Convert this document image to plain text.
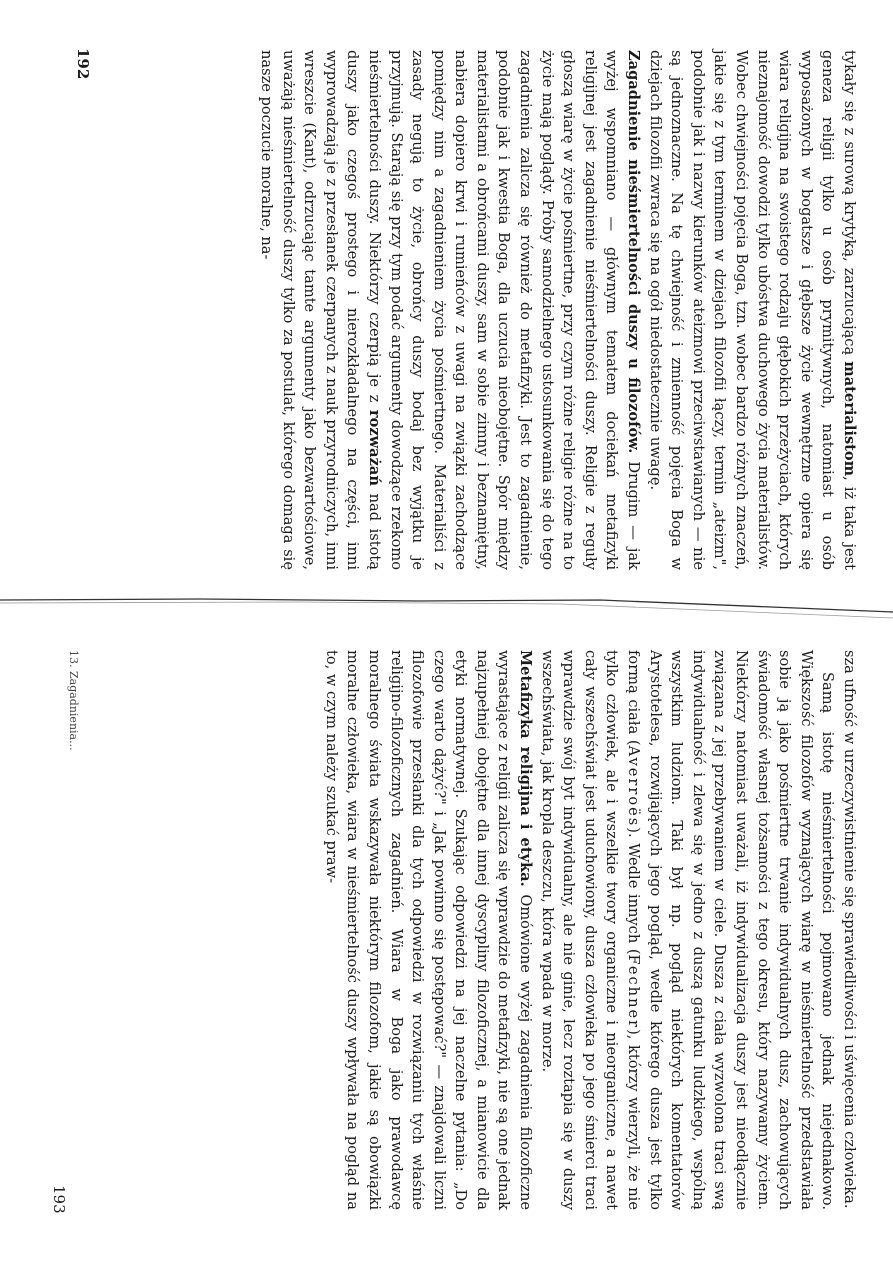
tykały się z surową krytyką, zarzucającą materialistom, iż taka jest geneza religii tylko u osób prymitywnych, natomiast u osób wyposażonych w bogatsze i głębsze życie wewnętrzne opiera się wiara religijna na swoistego rodzaju głębokich przeżyciach, których nieznajomość dowodzi tylko ubóstwa duchowego życia materialistów. Wobec chwiejności pojęcia Boga, tzn. wobec bardzo różnych znaczeń, jakie się z tym terminem w dziejach filozofii łączy, termin „ateizm", podobnie jak i nazwy kierunków ateizmowi przeciwstawianych — nie są jednoznaczne. Na tę chwiejność i zmienność pojęcia Boga w dziejach filozofii zwraca się na ogół niedostatecznie uwagę.

Zagadnienie nieśmiertelności duszy u filozofów. Drugim — jak wyżej wspomniano — głównym tematem dociekań metafizyki religijnej jest zagadnienie nieśmiertelności duszy. Religie z reguły głoszą wiarę w życie pośmiertne, przy czym różne religie różne na to życie mają poglądy. Próby samodzielnego ustosunkowania się do tego zagadnienia zalicza się również do metafizyki. Jest to zagadnienie, podobnie jak i kwestia Boga, dla uczucia nieobojętne. Spór między materialistami a obrońcami duszy, sam w sobie zimny i beznamiętny, nabiera dopiero krwi i rumieńców z uwagi na związki zachodzące pomiędzy nim a zagadnieniem życia pośmiertnego. Materialiści z zasady negują to życie, obrońcy duszy bodaj bez wyjątku je przyjmują. Starają się przy tym podać argumenty dowodzące rzekomo nieśmiertelności duszy. Niektórzy czerpią je z rozważań nad istotą duszy jako czegoś prostego i nierozkładalnego na części, inni wyprowadzają je z przesłanek czerpanych z nauk przyrodniczych, inni wreszcie (Kant), odrzucając tamte argumenty jako bezwartościowe, uważają nieśmiertelność duszy tylko za postulat, którego domaga się nasze poczucie moralne, na-

192

sza ufność w urzeczywistnienie się sprawiedliwości i uświęcenia człowieka.

Samą istotę nieśmiertelności pojmowano jednak niejednakowo. Większość filozofów wyznających wiarę w nieśmiertelność przedstawiała sobie ją jako pośmiertne trwanie indywidualnych dusz, zachowujących świadomość własnej tożsamości z tego okresu, który nazywamy życiem. Niektórzy natomiast uważali, iż indywidualizacja duszy jest nieodłącznie związana z jej przebywaniem w ciele. Dusza z ciała wyzwolona traci swą indywidualność i zlewa się w jedno z duszą gatunku ludzkiego, wspólną wszystkim ludziom. Taki był np. pogląd niektórych komentatorów Arystotelesa, rozwijających jego pogląd, wedle którego dusza jest tylko formą ciała (Averroës). Wedle innych (Fechner), którzy wierzyli, że nie tylko człowiek, ale i wszelkie twory organiczne i nieorganiczne, a nawet cały wszechświat jest uduchowiony, dusza człowieka po jego śmierci traci wprawdzie swój byt indywidualny, ale nie ginie, lecz roztapia się w duszy wszechświata, jak kropla deszczu, która wpada w morze.

Metafizyka religijna i etyka. Omówione wyżej zagadnienia filozoficzne wyrastające z religii zalicza się wprawdzie do metafizyki, nie są one jednak najzupełniej obojętne dla innej dyscypliny filozoficznej, a mianowicie dla etyki normatywnej. Szukając odpowiedzi na jej naczelne pytania: „Do czego warto dążyć?" i „Jak powinno się postępować?" — znajdowali liczni filozofowie przesłanki dla tych odpowiedzi w rozwiązaniu tych właśnie religijno-filozoficznych zagadnień. Wiara w Boga jako prawodawcę moralnego świata wskazywała niektórym filozofom, jakie są obowiązki moralne człowieka, wiara w nieśmiertelność duszy wpływała na pogląd na to, w czym należy szukać praw-

13. Zagadnienia...
193
